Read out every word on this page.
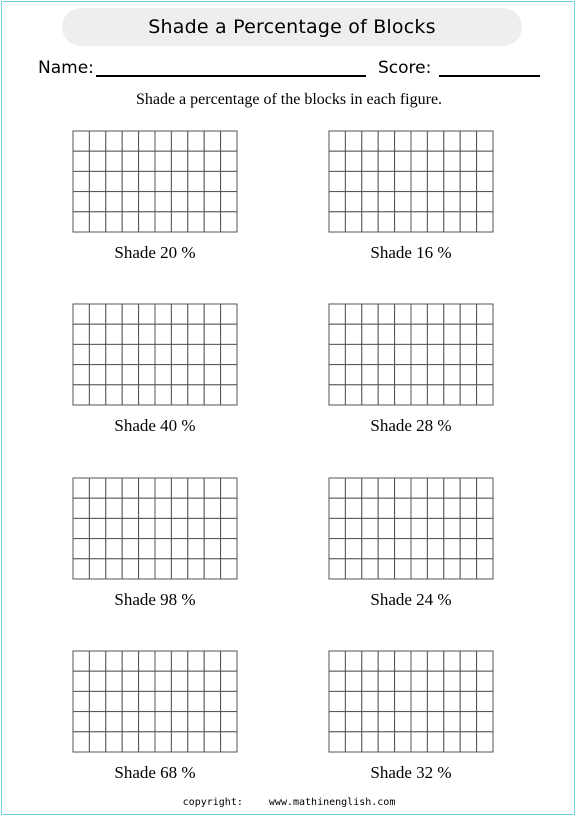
Shade a Percentage of Blocks
Name:	Score:
Shade a percentage of the blocks in each figure.
Shade 20 %	Shade 16 %
Shade 40 %	Shade 28 %
Shade 98 %	Shade 24 %
Shade 68 %	Shade 32 %
copyright:	www.mathinenglish.com
